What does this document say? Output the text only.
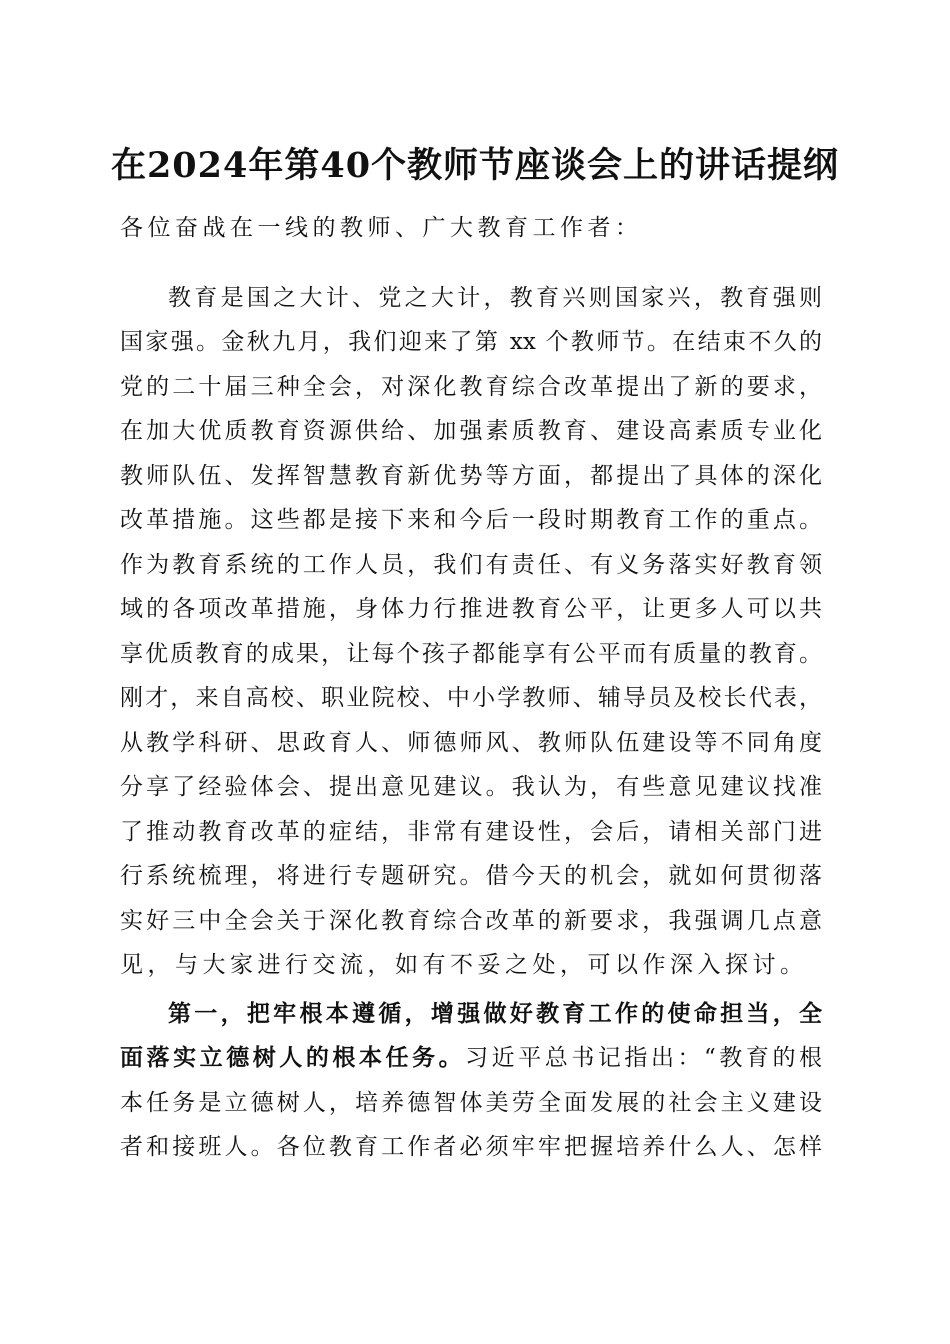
在2024年第40个教师节座谈会上的讲话提纲
各位奋战在一线的教师、广大教育工作者：
教育是国之大计、党之大计，教育兴则国家兴，教育强则
国家强。金秋九月，我们迎来了第 xx 个教师节。在结束不久的
党的二十届三种全会，对深化教育综合改革提出了新的要求，
在加大优质教育资源供给、加强素质教育、建设高素质专业化
教师队伍、发挥智慧教育新优势等方面，都提出了具体的深化
改革措施。这些都是接下来和今后一段时期教育工作的重点。
作为教育系统的工作人员，我们有责任、有义务落实好教育领
域的各项改革措施，身体力行推进教育公平，让更多人可以共
享优质教育的成果，让每个孩子都能享有公平而有质量的教育。
刚才，来自高校、职业院校、中小学教师、辅导员及校长代表，
从教学科研、思政育人、师德师风、教师队伍建设等不同角度
分享了经验体会、提出意见建议。我认为，有些意见建议找准
了推动教育改革的症结，非常有建设性，会后，请相关部门进
行系统梳理，将进行专题研究。借今天的机会，就如何贯彻落
实好三中全会关于深化教育综合改革的新要求，我强调几点意
见，与大家进行交流，如有不妥之处，可以作深入探讨。
第一，把牢根本遵循，增强做好教育工作的使命担当，全
面落实立德树人的根本任务。习近平总书记指出：“教育的根
本任务是立德树人，培养德智体美劳全面发展的社会主义建设
者和接班人。各位教育工作者必须牢牢把握培养什么人、怎样
